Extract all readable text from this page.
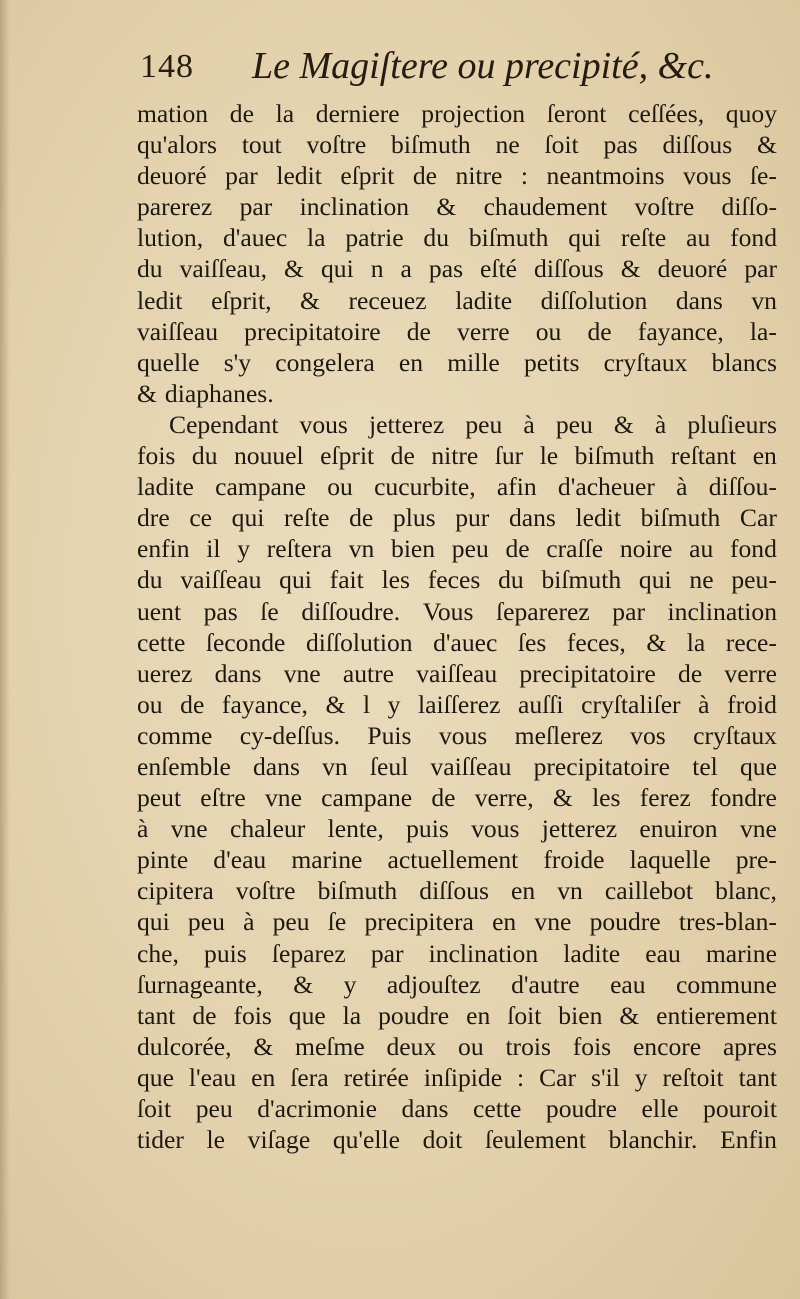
148 Le Magiſtere ou precipité, &c.
mation de la derniere projection ſeront ceſſées, quoy
qu'alors tout voſtre biſmuth ne ſoit pas diſſous &
deuoré par ledit eſprit de nitre : neantmoins vous ſe-
parerez par inclination & chaudement voſtre diſſo-
lution, d'auec la patrie du biſmuth qui reſte au fond
du vaiſſeau, & qui n a pas eſté diſſous & deuoré par
ledit eſprit, & receuez ladite diſſolution dans vn
vaiſſeau precipitatoire de verre ou de fayance, la-
quelle s'y congelera en mille petits cryſtaux blancs
& diaphanes.
Cependant vous jetterez peu à peu & à pluſieurs
fois du nouuel eſprit de nitre ſur le biſmuth reſtant en
ladite campane ou cucurbite, afin d'acheuer à diſſou-
dre ce qui reſte de plus pur dans ledit biſmuth Car
enfin il y reſtera vn bien peu de craſſe noire au fond
du vaiſſeau qui fait les feces du biſmuth qui ne peu-
uent pas ſe diſſoudre. Vous ſeparerez par inclination
cette ſeconde diſſolution d'auec ſes feces, & la rece-
uerez dans vne autre vaiſſeau precipitatoire de verre
ou de fayance, & l y laiſſerez auſſi cryſtaliſer à froid
comme cy-deſſus. Puis vous meſlerez vos cryſtaux
enſemble dans vn ſeul vaiſſeau precipitatoire tel que
peut eſtre vne campane de verre, & les ferez fondre
à vne chaleur lente, puis vous jetterez enuiron vne
pinte d'eau marine actuellement froide laquelle pre-
cipitera voſtre biſmuth diſſous en vn caillebot blanc,
qui peu à peu ſe precipitera en vne poudre tres-blan-
che, puis ſeparez par inclination ladite eau marine
ſurnageante, & y adjouſtez d'autre eau commune
tant de fois que la poudre en ſoit bien & entierement
dulcorée, & meſme deux ou trois fois encore apres
que l'eau en ſera retirée inſipide : Car s'il y reſtoit tant
ſoit peu d'acrimonie dans cette poudre elle pouroit
tider le viſage qu'elle doit ſeulement blanchir. Enfin
